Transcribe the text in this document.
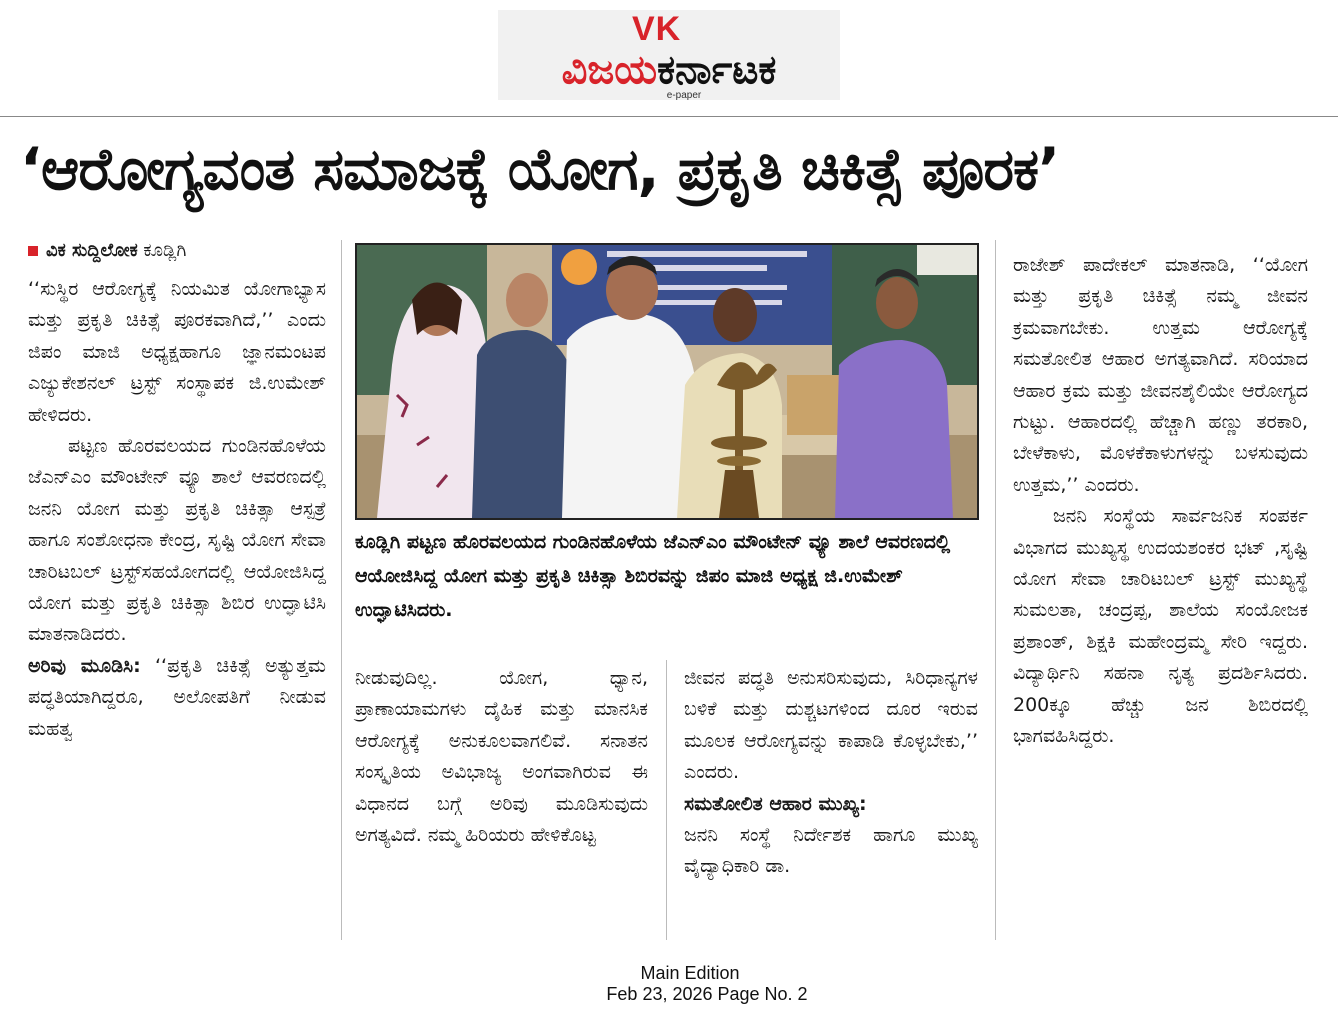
VK
ವಿಜಯಕರ್ನಾಟಕ
e-paper
‘ಆರೋಗ್ಯವಂತ ಸಮಾಜಕ್ಕೆ ಯೋಗ, ಪ್ರಕೃತಿ ಚಿಕಿತ್ಸೆ ಪೂರಕ’
ವಿಕ ಸುದ್ದಿಲೋಕ ಕೂಡ್ಲಿಗಿ

‘‘ಸುಸ್ಥಿರ ಆರೋಗ್ಯಕ್ಕೆ ನಿಯಮಿತ ಯೋಗಾಭ್ಯಾಸ ಮತ್ತು ಪ್ರಕೃತಿ ಚಿಕಿತ್ಸೆ ಪೂರಕವಾಗಿದೆ,’’ ಎಂದು ಜಿಪಂ ಮಾಜಿ ಅಧ್ಯಕ್ಷಹಾಗೂ ಜ್ಞಾನಮಂಟಪ ಎಜ್ಯುಕೇಶನಲ್ ಟ್ರಸ್ಟ್ ಸಂಸ್ಥಾಪಕ ಜಿ.ಉಮೇಶ್ ಹೇಳಿದರು.

ಪಟ್ಟಣ ಹೊರವಲಯದ ಗುಂಡಿನಹೊಳೆಯ ಜೆಎನ್‌ಎಂ ಮೌಂಟೇನ್ ವ್ಯೂ ಶಾಲೆ ಆವರಣದಲ್ಲಿ ಜನನಿ ಯೋಗ ಮತ್ತು ಪ್ರಕೃತಿ ಚಿಕಿತ್ಸಾ ಆಸ್ಪತ್ರೆ ಹಾಗೂ ಸಂಶೋಧನಾ ಕೇಂದ್ರ, ಸೃಷ್ಟಿ ಯೋಗ ಸೇವಾ ಚಾರಿಟಬಲ್ ಟ್ರಸ್ಟ್‌ಸಹಯೋಗದಲ್ಲಿ ಆಯೋಜಿಸಿದ್ದ ಯೋಗ ಮತ್ತು ಪ್ರಕೃತಿ ಚಿಕಿತ್ಸಾ ಶಿಬಿರ ಉದ್ಘಾಟಿಸಿ ಮಾತನಾಡಿದರು.

ಅರಿವು ಮೂಡಿಸಿ: ‘‘ಪ್ರಕೃತಿ ಚಿಕಿತ್ಸೆ ಅತ್ಯುತ್ತಮ ಪದ್ಧತಿಯಾಗಿದ್ದರೂ, ಅಲೋಪತಿಗೆ ನೀಡುವ ಮಹತ್ವ

ಕೂಡ್ಲಿಗಿ ಪಟ್ಟಣ ಹೊರವಲಯದ ಗುಂಡಿನಹೊಳೆಯ ಜೆಎನ್‌ಎಂ ಮೌಂಟೇನ್ ವ್ಯೂ ಶಾಲೆ ಆವರಣದಲ್ಲಿ ಆಯೋಜಿಸಿದ್ದ ಯೋಗ ಮತ್ತು ಪ್ರಕೃತಿ ಚಿಕಿತ್ಸಾ ಶಿಬಿರವನ್ನು ಜಿಪಂ ಮಾಜಿ ಅಧ್ಯಕ್ಷ ಜಿ.ಉಮೇಶ್ ಉದ್ಘಾಟಿಸಿದರು.

ನೀಡುವುದಿಲ್ಲ. ಯೋಗ, ಧ್ಯಾನ, ಪ್ರಾಣಾಯಾಮಗಳು ದೈಹಿಕ ಮತ್ತು ಮಾನಸಿಕ ಆರೋಗ್ಯಕ್ಕೆ ಅನುಕೂಲವಾಗಲಿವೆ. ಸನಾತನ ಸಂಸ್ಕೃತಿಯ ಅವಿಭಾಜ್ಯ ಅಂಗವಾಗಿರುವ ಈ ವಿಧಾನದ ಬಗ್ಗೆ ಅರಿವು ಮೂಡಿಸುವುದು ಅಗತ್ಯವಿದೆ. ನಮ್ಮ ಹಿರಿಯರು ಹೇಳಿಕೊಟ್ಟ

ಜೀವನ ಪದ್ಧತಿ ಅನುಸರಿಸುವುದು, ಸಿರಿಧಾನ್ಯಗಳ ಬಳಿಕೆ ಮತ್ತು ದುಶ್ಚಟಗಳಿಂದ ದೂರ ಇರುವ ಮೂಲಕ ಆರೋಗ್ಯವನ್ನು ಕಾಪಾಡಿ ಕೊಳ್ಳಬೇಕು,’’ ಎಂದರು.

ಸಮತೋಲಿತ ಆಹಾರ ಮುಖ್ಯ:

ಜನನಿ ಸಂಸ್ಥೆ ನಿರ್ದೇಶಕ ಹಾಗೂ ಮುಖ್ಯ ವೈದ್ಯಾಧಿಕಾರಿ ಡಾ.

ರಾಜೇಶ್ ಪಾದೇಕಲ್ ಮಾತನಾಡಿ, ‘‘ಯೋಗ ಮತ್ತು ಪ್ರಕೃತಿ ಚಿಕಿತ್ಸೆ ನಮ್ಮ ಜೀವನ ಕ್ರಮವಾಗಬೇಕು. ಉತ್ತಮ ಆರೋಗ್ಯಕ್ಕೆ ಸಮತೋಲಿತ ಆಹಾರ ಅಗತ್ಯವಾಗಿದೆ. ಸರಿಯಾದ ಆಹಾರ ಕ್ರಮ ಮತ್ತು ಜೀವನಶೈಲಿಯೇ ಆರೋಗ್ಯದ ಗುಟ್ಟು. ಆಹಾರದಲ್ಲಿ ಹೆಚ್ಚಾಗಿ ಹಣ್ಣು ತರಕಾರಿ, ಬೇಳೆಕಾಳು, ಮೊಳಕೆಕಾಳುಗಳನ್ನು ಬಳಸುವುದು ಉತ್ತಮ,’’ ಎಂದರು.

ಜನನಿ ಸಂಸ್ಥೆಯ ಸಾರ್ವಜನಿಕ ಸಂಪರ್ಕ ವಿಭಾಗದ ಮುಖ್ಯಸ್ಥ ಉದಯಶಂಕರ ಭಟ್ ,ಸೃಷ್ಟಿ ಯೋಗ ಸೇವಾ ಚಾರಿಟಬಲ್ ಟ್ರಸ್ಟ್ ಮುಖ್ಯಸ್ಥೆ ಸುಮಲತಾ, ಚಂದ್ರಪ್ಪ, ಶಾಲೆಯ ಸಂಯೋಜಕ ಪ್ರಶಾಂತ್, ಶಿಕ್ಷಕಿ ಮಹೇಂದ್ರಮ್ಮ ಸೇರಿ ಇದ್ದರು. ವಿದ್ಯಾರ್ಥಿನಿ ಸಹನಾ ನೃತ್ಯ ಪ್ರದರ್ಶಿಸಿದರು. 200ಕ್ಕೂ ಹೆಚ್ಚು ಜನ ಶಿಬಿರದಲ್ಲಿ ಭಾಗವಹಿಸಿದ್ದರು.

Main Edition
Feb 23, 2026 Page No. 2
